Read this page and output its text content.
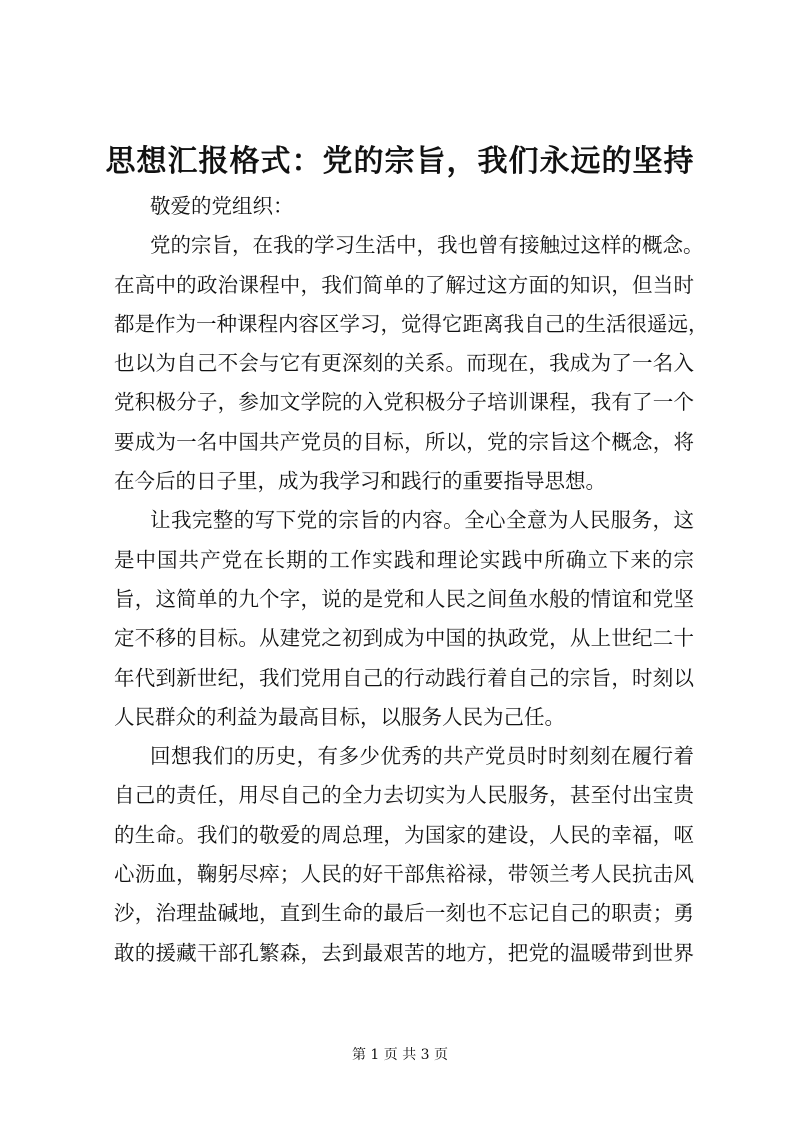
思想汇报格式：党的宗旨，我们永远的坚持
敬爱的党组织：
党的宗旨，在我的学习生活中，我也曾有接触过这样的概念。
在高中的政治课程中，我们简单的了解过这方面的知识，但当时
都是作为一种课程内容区学习，觉得它距离我自己的生活很遥远，
也以为自己不会与它有更深刻的关系。而现在，我成为了一名入
党积极分子，参加文学院的入党积极分子培训课程，我有了一个
要成为一名中国共产党员的目标，所以，党的宗旨这个概念，将
在今后的日子里，成为我学习和践行的重要指导思想。
让我完整的写下党的宗旨的内容。全心全意为人民服务，这
是中国共产党在长期的工作实践和理论实践中所确立下来的宗
旨，这简单的九个字，说的是党和人民之间鱼水般的情谊和党坚
定不移的目标。从建党之初到成为中国的执政党，从上世纪二十
年代到新世纪，我们党用自己的行动践行着自己的宗旨，时刻以
人民群众的利益为最高目标，以服务人民为己任。
回想我们的历史，有多少优秀的共产党员时时刻刻在履行着
自己的责任，用尽自己的全力去切实为人民服务，甚至付出宝贵
的生命。我们的敬爱的周总理，为国家的建设，人民的幸福，呕
心沥血，鞠躬尽瘁；人民的好干部焦裕禄，带领兰考人民抗击风
沙，治理盐碱地，直到生命的最后一刻也不忘记自己的职责；勇
敢的援藏干部孔繁森，去到最艰苦的地方，把党的温暖带到世界
第 1 页 共 3 页
